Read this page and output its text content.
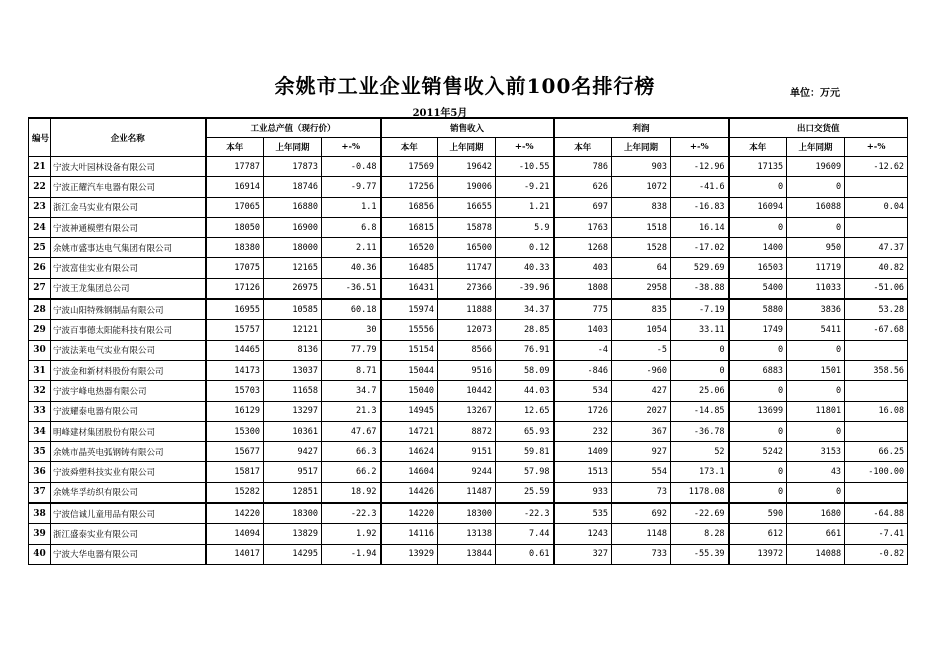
余姚市工业企业销售收入前100名排行榜	单位：万元
2011年5月
编号	企业名称	工业总产值（现行价）			销售收入			利润			出口交货值		
		本年	上年同期	+-%	本年	上年同期	+-%	本年	上年同期	+-%	本年	上年同期	+-%
21	宁波大叶园林设备有限公司	17787	17873	-0.48	17569	19642	-10.55	786	903	-12.96	17135	19609	-12.62
22	宁波正耀汽车电器有限公司	16914	18746	-9.77	17256	19006	-9.21	626	1072	-41.6	0	0	
23	浙江金马实业有限公司	17065	16880	1.1	16856	16655	1.21	697	838	-16.83	16094	16088	0.04
24	宁波神通模塑有限公司	18050	16900	6.8	16815	15878	5.9	1763	1518	16.14	0	0	
25	余姚市盛事达电气集团有限公司	18380	18000	2.11	16520	16500	0.12	1268	1528	-17.02	1400	950	47.37
26	宁波富佳实业有限公司	17075	12165	40.36	16485	11747	40.33	403	64	529.69	16503	11719	40.82
27	宁波王龙集团总公司	17126	26975	-36.51	16431	27366	-39.96	1808	2958	-38.88	5400	11033	-51.06
28	宁波山阳特殊钢制品有限公司	16955	10585	60.18	15974	11888	34.37	775	835	-7.19	5880	3836	53.28
29	宁波百事德太阳能科技有限公司	15757	12121	30	15556	12073	28.85	1403	1054	33.11	1749	5411	-67.68
30	宁波法莱电气实业有限公司	14465	8136	77.79	15154	8566	76.91	-4	-5	0	0	0	
31	宁波金和新材料股份有限公司	14173	13037	8.71	15044	9516	58.09	-846	-960	0	6883	1501	358.56
32	宁波宇峰电热器有限公司	15703	11658	34.7	15040	10442	44.03	534	427	25.06	0	0	
33	宁波耀泰电器有限公司	16129	13297	21.3	14945	13267	12.65	1726	2027	-14.85	13699	11801	16.08
34	明峰建材集团股份有限公司	15300	10361	47.67	14721	8872	65.93	232	367	-36.78	0	0	
35	余姚市晶英电弧钢铸有限公司	15677	9427	66.3	14624	9151	59.81	1409	927	52	5242	3153	66.25
36	宁波舜塑科技实业有限公司	15817	9517	66.2	14604	9244	57.98	1513	554	173.1	0	43	-100.00
37	余姚华孚纺织有限公司	15282	12851	18.92	14426	11487	25.59	933	73	1178.08	0	0	
38	宁波信诚儿童用品有限公司	14220	18300	-22.3	14220	18300	-22.3	535	692	-22.69	590	1680	-64.88
39	浙江盛泰实业有限公司	14094	13829	1.92	14116	13138	7.44	1243	1148	8.28	612	661	-7.41
40	宁波大华电器有限公司	14017	14295	-1.94	13929	13844	0.61	327	733	-55.39	13972	14088	-0.82
